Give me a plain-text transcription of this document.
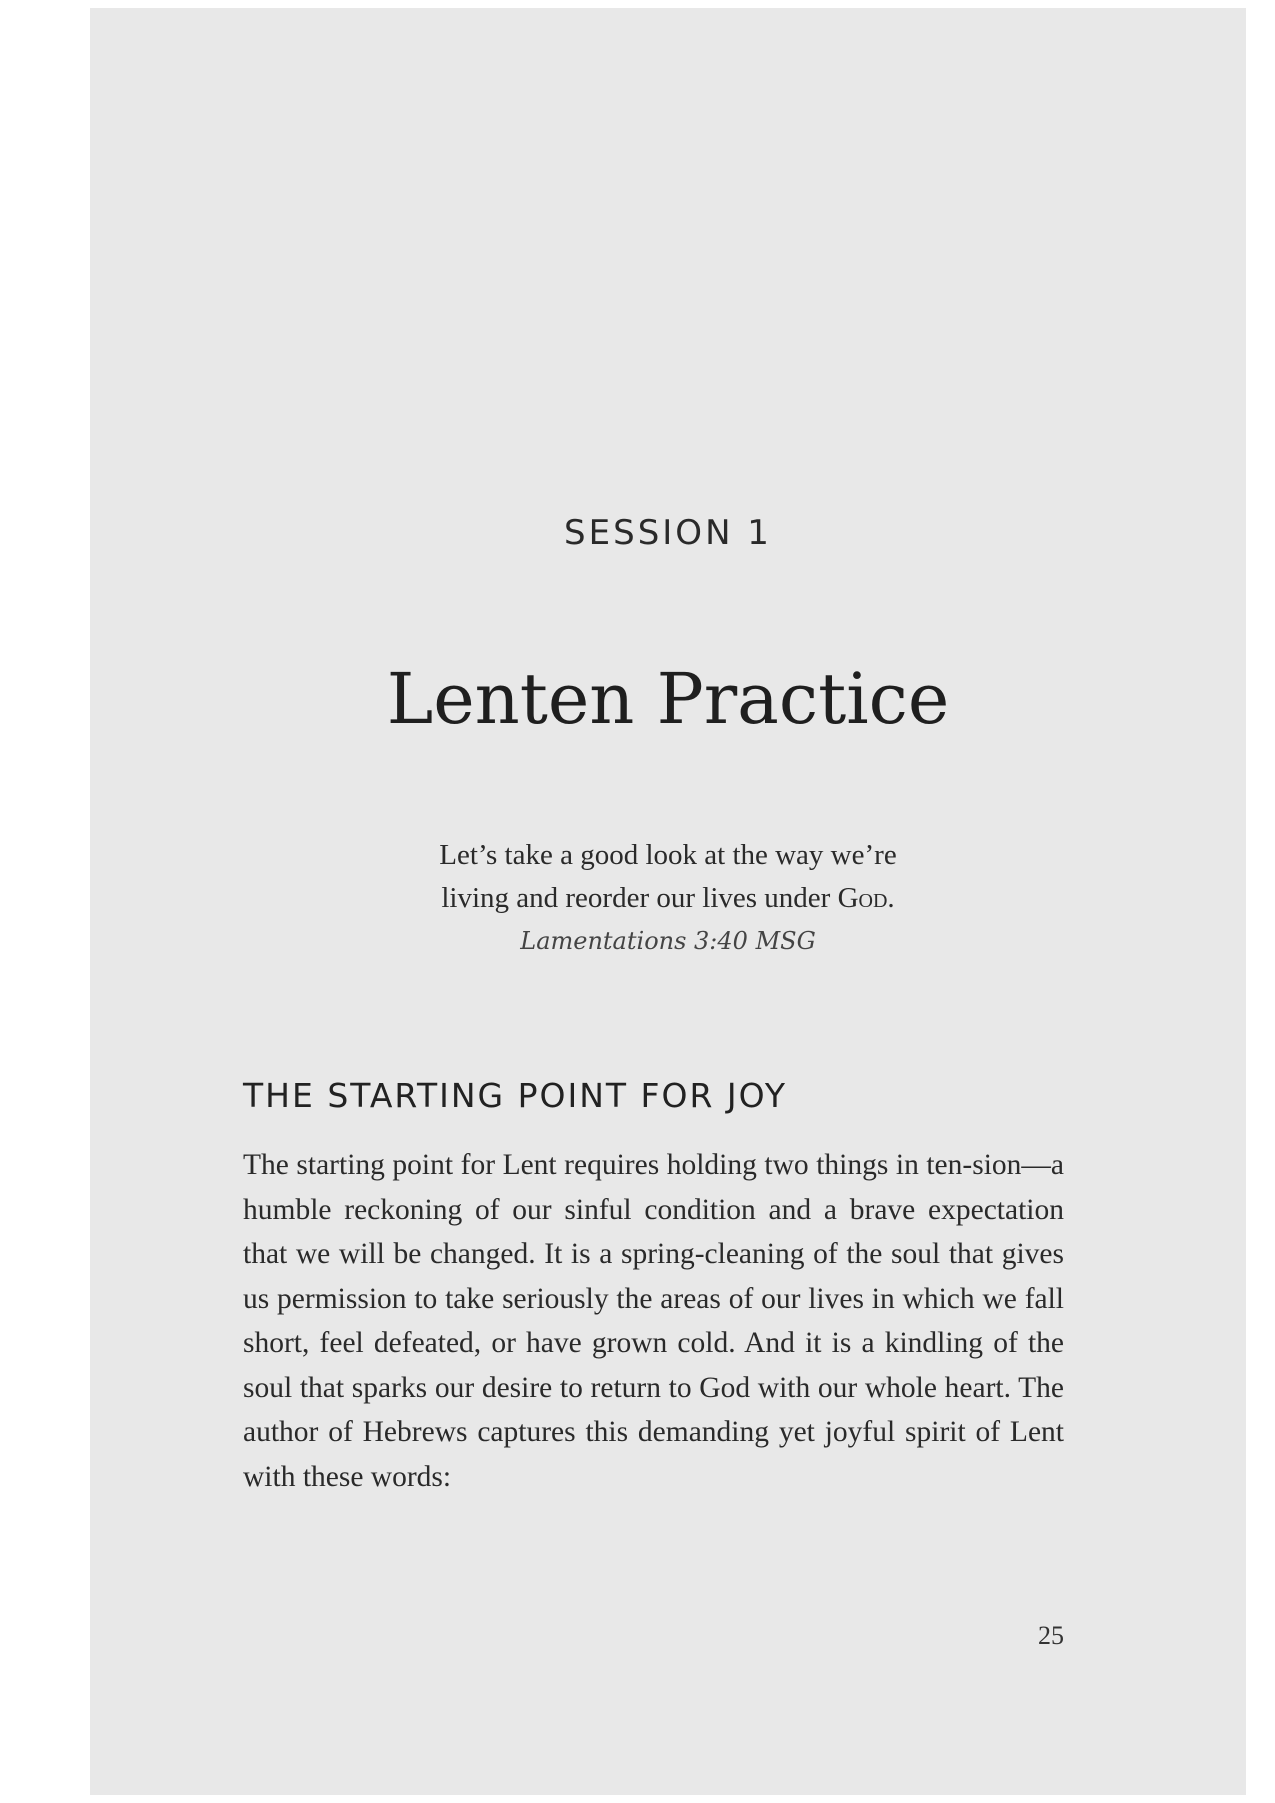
SESSION 1
Lenten Practice
Let’s take a good look at the way we’re
living and reorder our lives under God.
Lamentations 3:40 MSG
THE STARTING POINT FOR JOY

The starting point for Lent requires holding two things in ten-sion—a humble reckoning of our sinful condition and a brave expectation that we will be changed. It is a spring-cleaning of the soul that gives us permission to take seriously the areas of our lives in which we fall short, feel defeated, or have grown cold. And it is a kindling of the soul that sparks our desire to return to God with our whole heart. The author of Hebrews captures this demanding yet joyful spirit of Lent with these words:

25
